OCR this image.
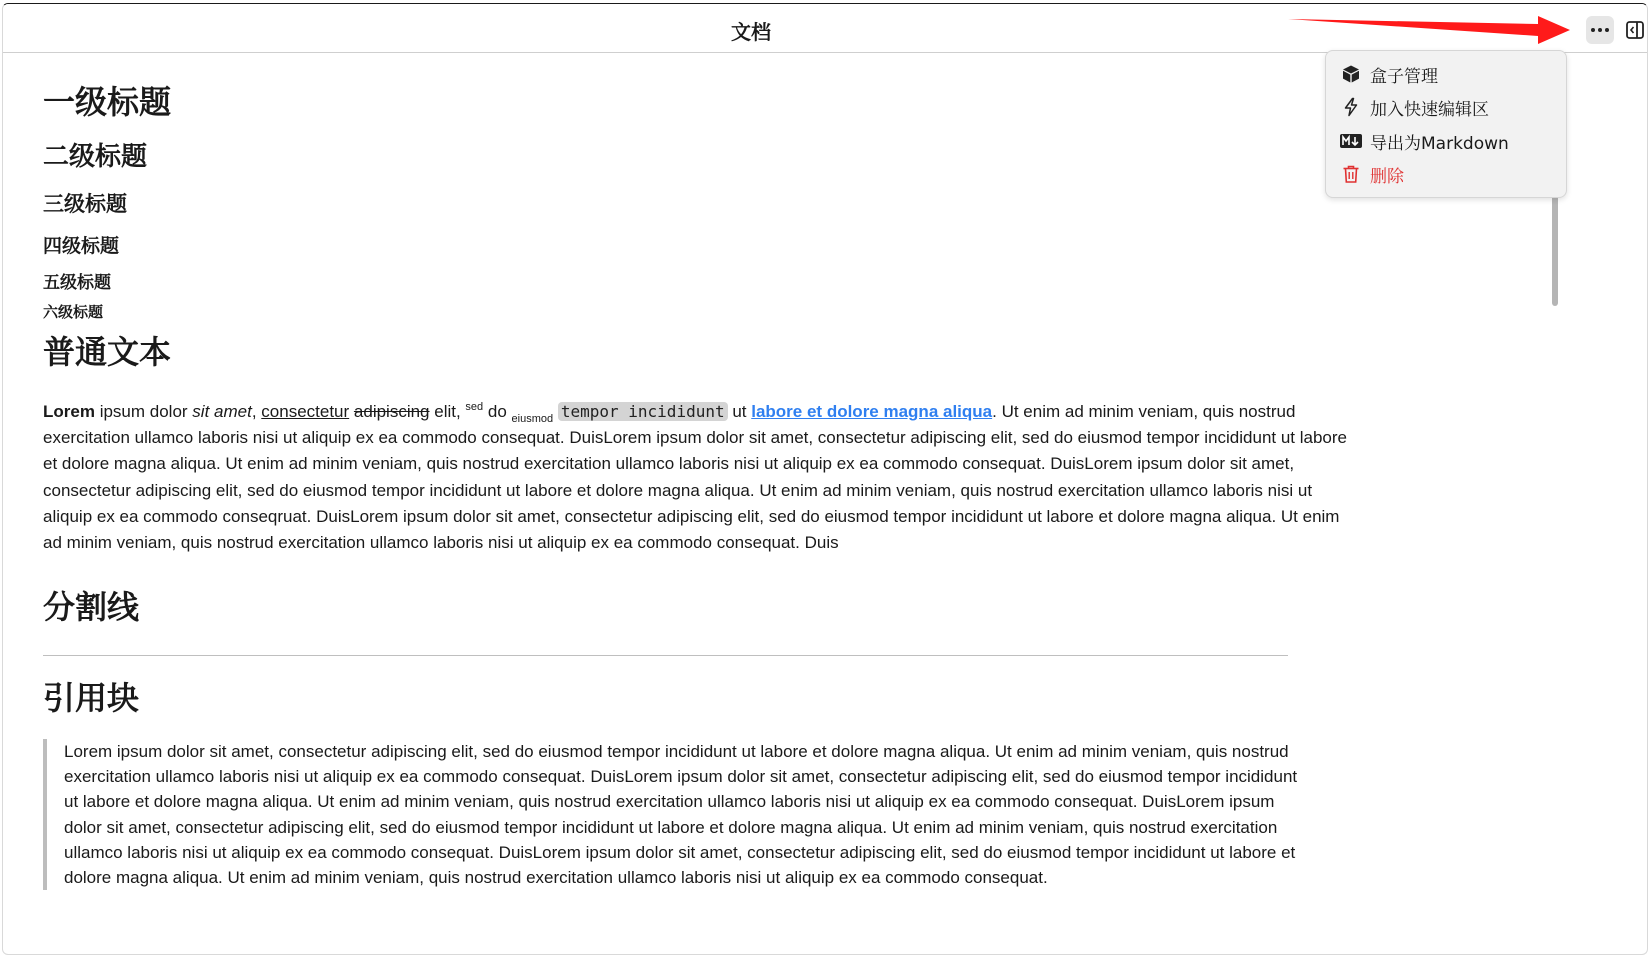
文档
一级标题
二级标题
三级标题
四级标题
五级标题
六级标题
普通文本
Lorem ipsum dolor sit amet, consectetur adipiscing elit, $^{sed}$ do $_{eiusmod}$ tempor incididunt ut labore et dolore magna aliqua. Ut enim ad minim veniam, quis nostrud exercitation ullamco laboris nisi ut aliquip ex ea commodo consequat. DuisLorem ipsum dolor sit amet, consectetur adipiscing elit, sed do eiusmod tempor incididunt ut labore et dolore magna aliqua. Ut enim ad minim veniam, quis nostrud exercitation ullamco laboris nisi ut aliquip ex ea commodo consequat. DuisLorem ipsum dolor sit amet, consectetur adipiscing elit, sed do eiusmod tempor incididunt ut labore et dolore magna aliqua. Ut enim ad minim veniam, quis nostrud exercitation ullamco laboris nisi ut aliquip ex ea commodo conseqruat. DuisLorem ipsum dolor sit amet, consectetur adipiscing elit, sed do eiusmod tempor incididunt ut labore et dolore magna aliqua. Ut enim ad minim veniam, quis nostrud exercitation ullamco laboris nisi ut aliquip ex ea commodo consequat. Duis
分割线
引用块
Lorem ipsum dolor sit amet, consectetur adipiscing elit, sed do eiusmod tempor incididunt ut labore et dolore magna aliqua. Ut enim ad minim veniam, quis nostrud exercitation ullamco laboris nisi ut aliquip ex ea commodo consequat. DuisLorem ipsum dolor sit amet, consectetur adipiscing elit, sed do eiusmod tempor incididunt ut labore et dolore magna aliqua. Ut enim ad minim veniam, quis nostrud exercitation ullamco laboris nisi ut aliquip ex ea commodo consequat. DuisLorem ipsum dolor sit amet, consectetur adipiscing elit, sed do eiusmod tempor incididunt ut labore et dolore magna aliqua. Ut enim ad minim veniam, quis nostrud exercitation ullamco laboris nisi ut aliquip ex ea commodo consequat. DuisLorem ipsum dolor sit amet, consectetur adipiscing elit, sed do eiusmod tempor incididunt ut labore et dolore magna aliqua. Ut enim ad minim veniam, quis nostrud exercitation ullamco laboris nisi ut aliquip ex ea commodo consequat.
盒子管理
加入快速编辑区
导出为Markdown
删除
